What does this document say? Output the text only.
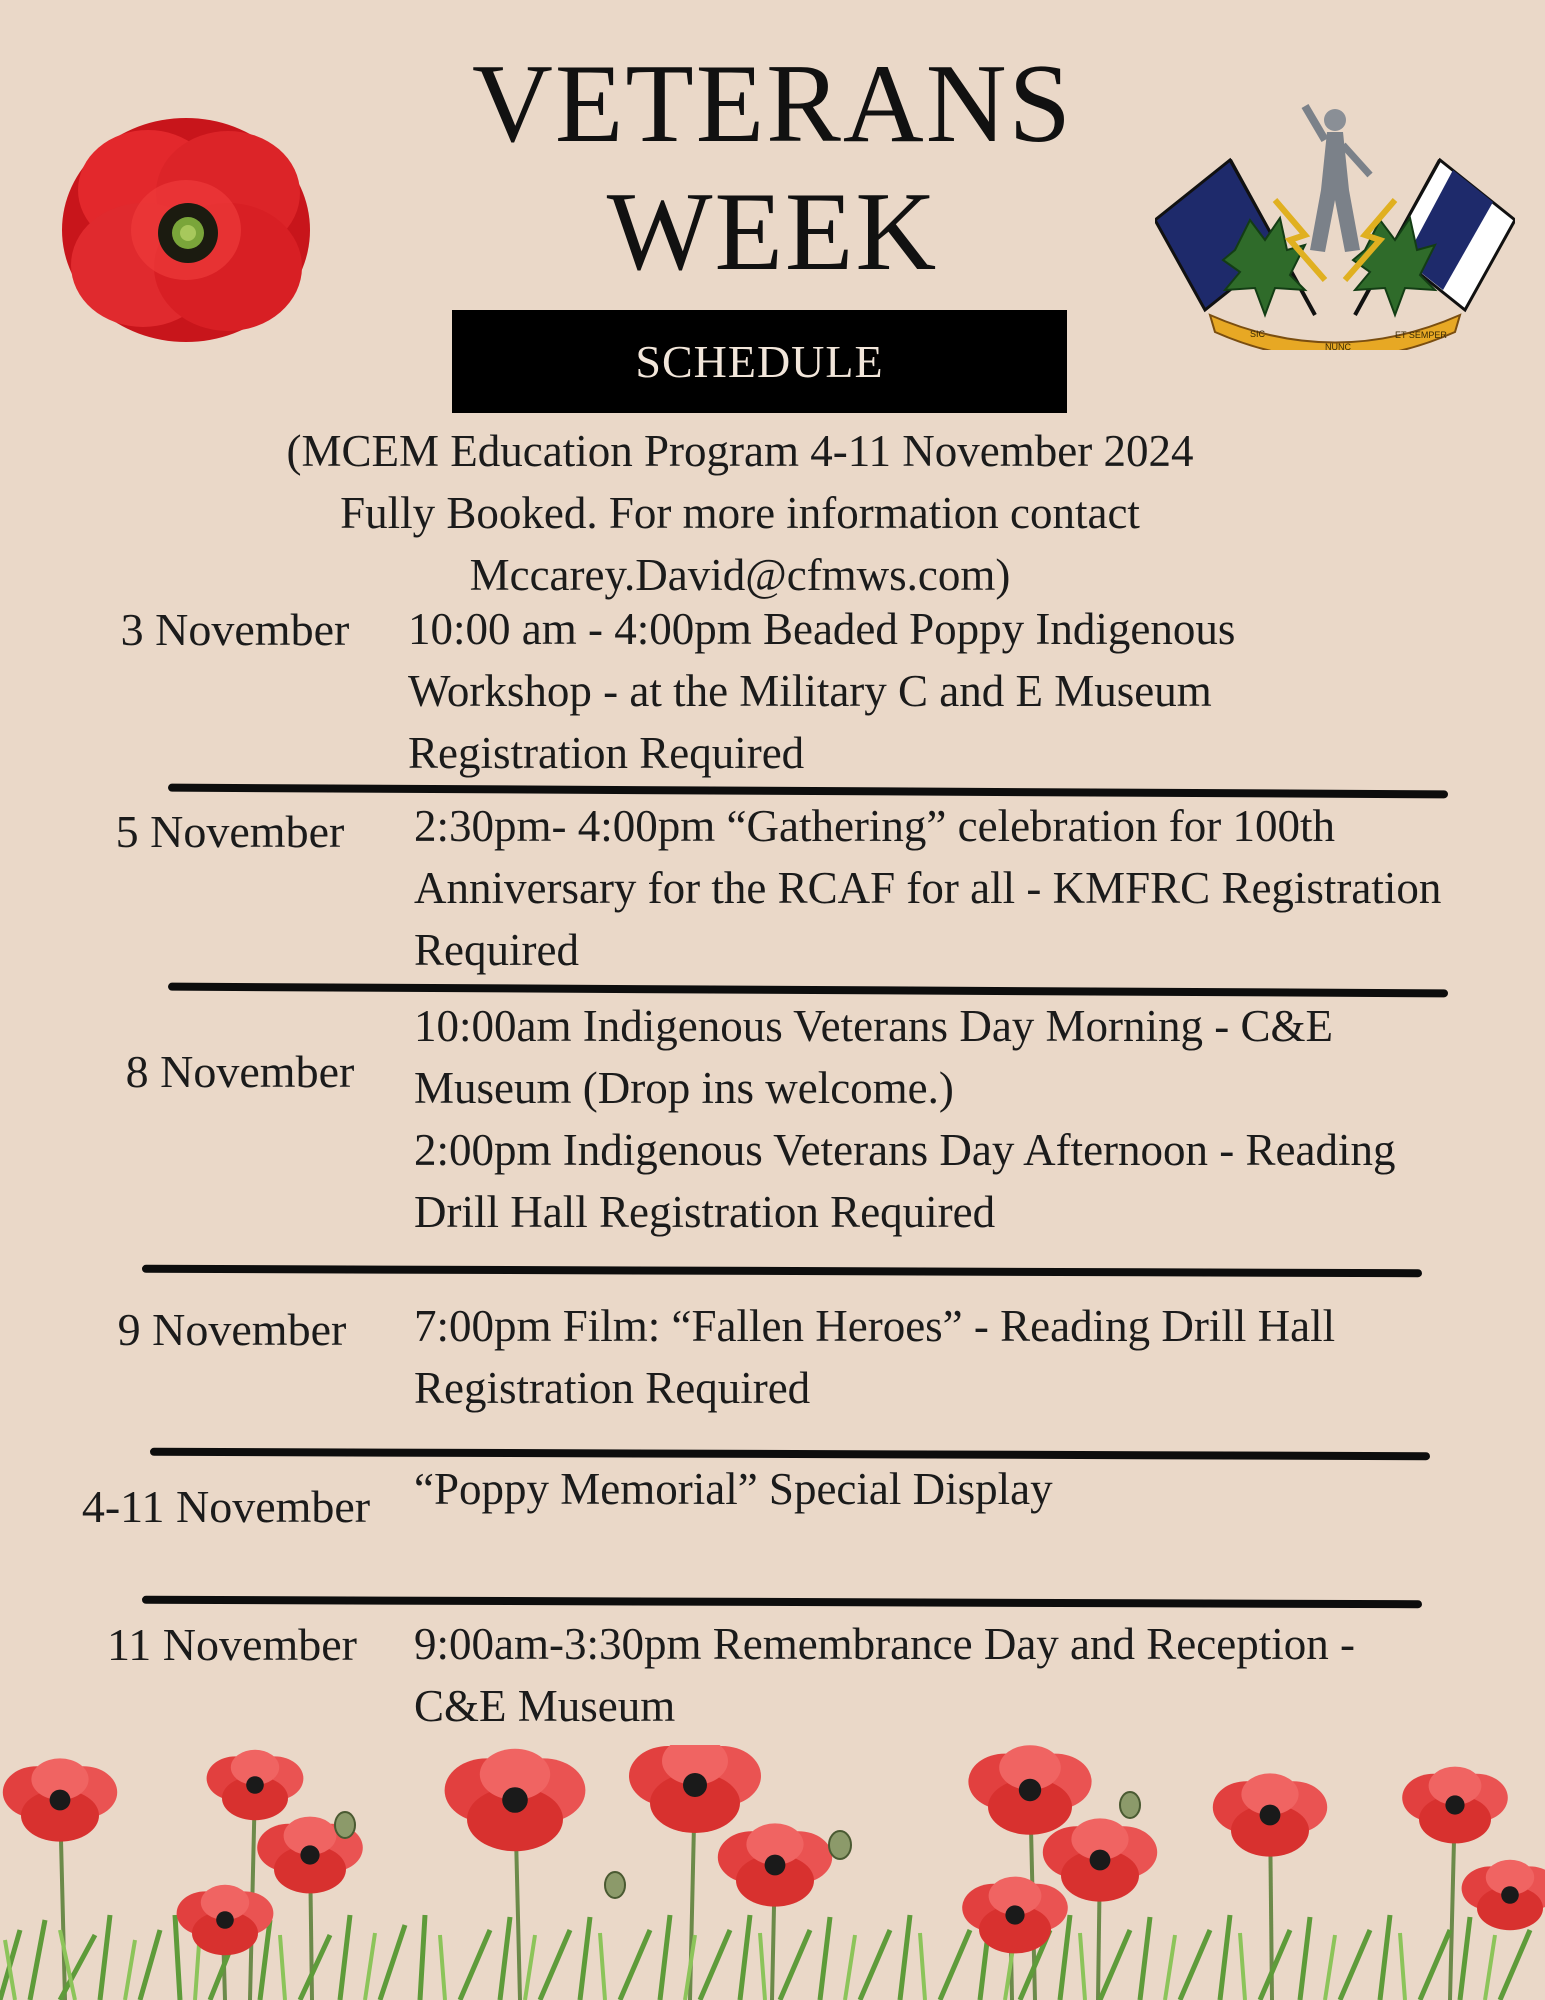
VETERANS
WEEK
SIC
NUNC
ET SEMPER
SCHEDULE
(MCEM Education Program 4-11 November 2024
Fully Booked. For more information contact
Mccarey.David@cfmws.com)
3 November	10:00 am - 4:00pm Beaded Poppy Indigenous
Workshop - at the Military C and E Museum
Registration Required
5 November	2:30pm- 4:00pm “Gathering” celebration for 100th
Anniversary for the RCAF for all - KMFRC Registration
Required
8 November
10:00am Indigenous Veterans Day Morning - C&E
Museum (Drop ins welcome.)
2:00pm Indigenous Veterans Day Afternoon - Reading
Drill Hall Registration Required
9 November	7:00pm Film: “Fallen Heroes” - Reading Drill Hall
Registration Required
4-11 November “Poppy Memorial” Special Display
11 November	9:00am-3:30pm Remembrance Day and Reception -
C&E Museum
